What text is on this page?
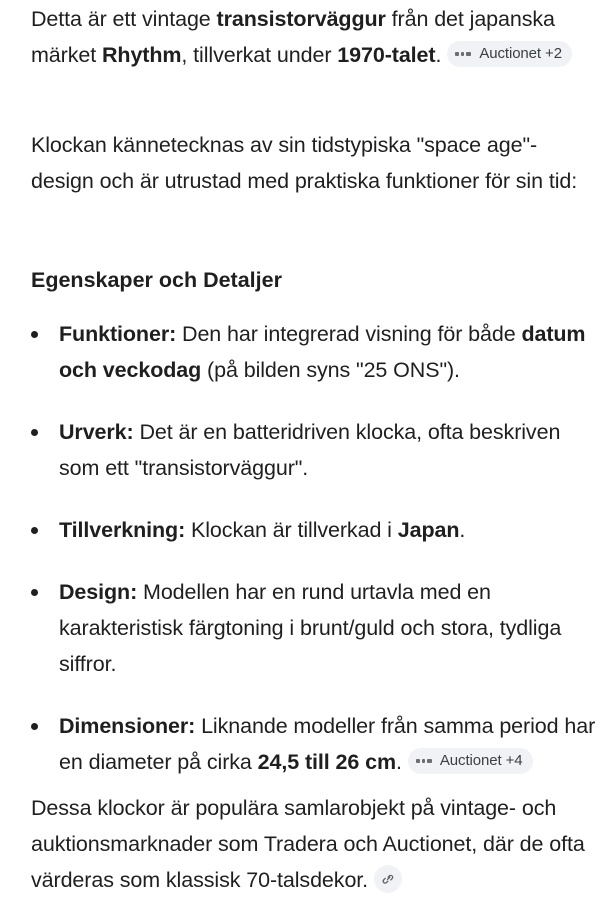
Detta är ett vintage transistorväggur från det japanska märket Rhythm, tillverkat under 1970-talet.	Auctionet +2

Klockan kännetecknas av sin tidstypiska "space age"-design och är utrustad med praktiska funktioner för sin tid:

Egenskaper och Detaljer

Funktioner: Den har integrerad visning för både datum och veckodag (på bilden syns "25 ONS").
Urverk: Det är en batteridriven klocka, ofta beskriven som ett "transistorväggur".
Tillverkning: Klockan är tillverkad i Japan.
Design: Modellen har en rund urtavla med en karakteristisk färgtoning i brunt/guld och stora, tydliga siffror.
Dimensioner: Liknande modeller från samma period har en diameter på cirka 24,5 till 26 cm.	Auctionet +4

Dessa klockor är populära samlarobjekt på vintage- och auktionsmarknader som Tradera och Auctionet, där de ofta värderas som klassisk 70-talsdekor.
